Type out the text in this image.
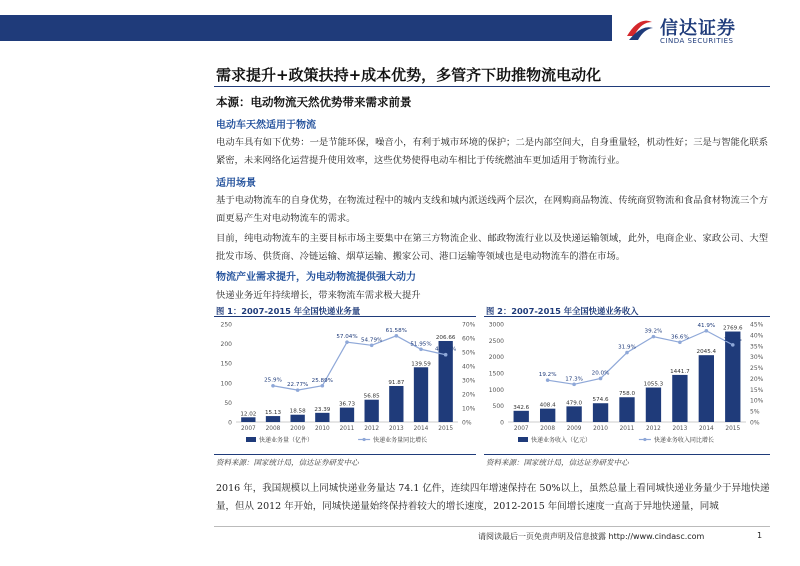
信达证券
CINDA SECURITIES
需求提升+政策扶持+成本优势，多管齐下助推物流电动化
本源：电动物流天然优势带来需求前景
电动车天然适用于物流
电动车具有如下优势：一是节能环保，噪音小，有利于城市环境的保护；二是内部空间大，自身重量轻，机动性好；三是与智能化联系紧密，未来网络化运营提升使用效率，这些优势使得电动车相比于传统燃油车更加适用于物流行业。
适用场景
基于电动物流车的自身优势，在物流过程中的城内支线和城内派送线两个层次，在网购商品物流、传统商贸物流和食品食材物流三个方面更易产生对电动物流车的需求。
目前，纯电动物流车的主要目标市场主要集中在第三方物流企业、邮政物流行业以及快递运输领域，此外，电商企业、家政公司、大型批发市场、供货商、冷链运输、烟草运输、搬家公司、港口运输等领域也是电动物流车的潜在市场。
物流产业需求提升，为电动物流提供强大动力
快递业务近年持续增长，带来物流车需求极大提升
图 1：2007-2015 年全国快递业务量
0
50
100
150
200
250
0%
10%
20%
30%
40%
50%
60%
70%
12.02
2007
15.13
2008
18.58
2009
23.39
2010
36.73
2011
56.85
2012
91.87
2013
139.59
2014
206.66
2015
25.9%
22.77%
25.89%
57.04%
54.79%
61.58%
51.95%
48.05%
快递业务量（亿件）	快递业务量同比增长
资料来源：国家统计局，信达证券研发中心
图 2：2007-2015 年全国快递业务收入
0
500
1000
1500
2000
2500
3000
0%
5%
10%
15%
20%
25%
30%
35%
40%
45%
342.6
2007
408.4
2008
479.0
2009
574.6
2010
758.0
2011
1055.3
2012
1441.7
2013
2045.4
2014
2769.6
2015
19.2%
17.3%
20.0%
31.9%
39.2%
36.6%
41.9%
35.4%
快递业务收入（亿元）	快递业务收入同比增长
资料来源：国家统计局，信达证券研发中心
2016 年，我国规模以上同城快递业务量达 74.1 亿件，连续四年增速保持在 50%以上，虽然总量上看同城快递业务量少于异地快递量，但从 2012 年开始，同城快递量始终保持着较大的增长速度，2012-2015 年间增长速度一直高于异地快递量，同城
请阅读最后一页免责声明及信息披露 http://www.cindasc.com	1
